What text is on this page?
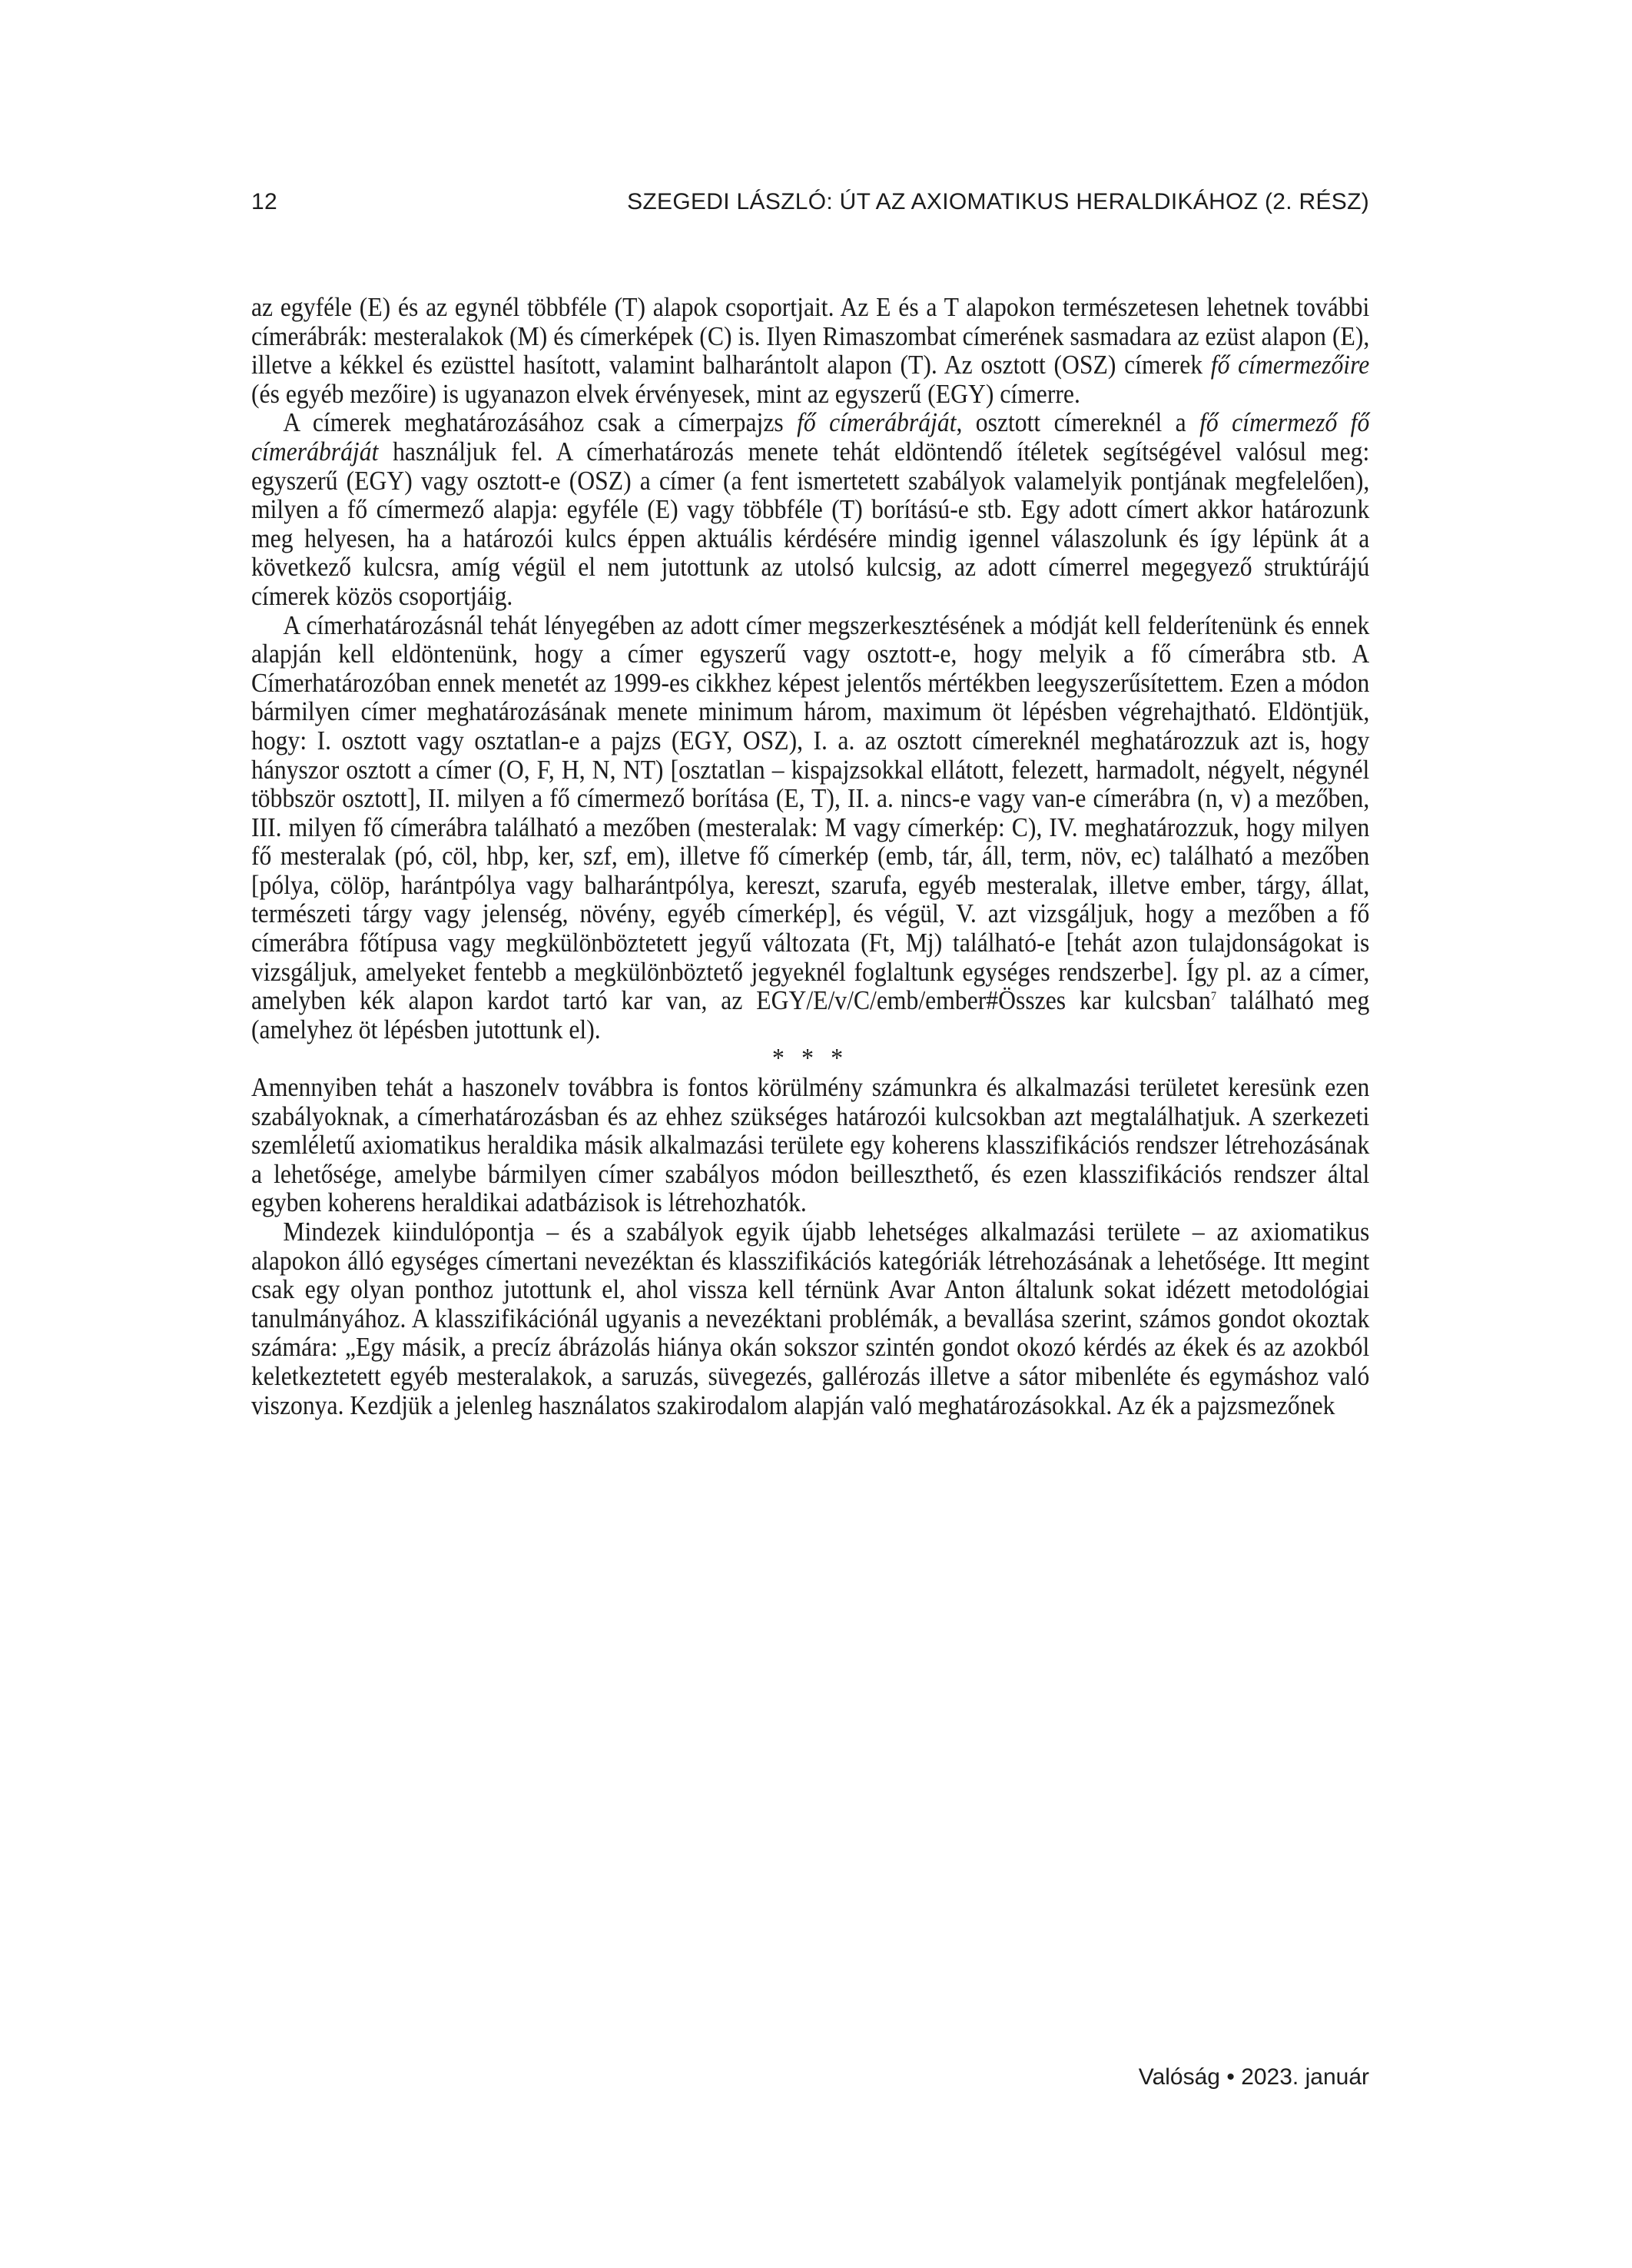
12	SZEGEDI LÁSZLÓ: ÚT AZ AXIOMATIKUS HERALDIKÁHOZ (2. RÉSZ)

az egyféle (E) és az egynél többféle (T) alapok csoportjait. Az E és a T alapokon természetesen lehetnek további címerábrák: mesteralakok (M) és címerképek (C) is. Ilyen Rimaszombat címerének sasmadara az ezüst alapon (E), illetve a kékkel és ezüsttel hasított, valamint balharántolt alapon (T). Az osztott (OSZ) címerek fő címermezőire (és egyéb mezőire) is ugyanazon elvek érvényesek, mint az egyszerű (EGY) címerre.

A címerek meghatározásához csak a címerpajzs fő címerábráját, osztott címereknél a fő címermező fő címerábráját használjuk fel. A címerhatározás menete tehát eldöntendő ítéletek segítségével valósul meg: egyszerű (EGY) vagy osztott-e (OSZ) a címer (a fent ismertetett szabályok valamelyik pontjának megfelelően), milyen a fő címermező alapja: egyféle (E) vagy többféle (T) borítású-e stb. Egy adott címert akkor határozunk meg helyesen, ha a határozói kulcs éppen aktuális kérdésére mindig igennel válaszolunk és így lépünk át a következő kulcsra, amíg végül el nem jutottunk az utolsó kulcsig, az adott címerrel megegyező struktúrájú címerek közös csoportjáig.

A címerhatározásnál tehát lényegében az adott címer megszerkesztésének a módját kell felderítenünk és ennek alapján kell eldöntenünk, hogy a címer egyszerű vagy osztott-e, hogy melyik a fő címerábra stb. A Címerhatározóban ennek menetét az 1999-es cikkhez képest jelentős mértékben leegyszerűsítettem. Ezen a módon bármilyen címer meghatározásának menete minimum három, maximum öt lépésben végrehajtható. Eldöntjük, hogy: I. osztott vagy osztatlan-e a pajzs (EGY, OSZ), I. a. az osztott címereknél meghatározzuk azt is, hogy hányszor osztott a címer (O, F, H, N, NT) [osztatlan – kispajzsokkal ellátott, felezett, harmadolt, négyelt, négynél többször osztott], II. milyen a fő címermező borítása (E, T), II. a. nincs-e vagy van-e címerábra (n, v) a mezőben, III. milyen fő címerábra található a mezőben (mesteralak: M vagy címerkép: C), IV. meghatározzuk, hogy milyen fő mesteralak (pó, cöl, hbp, ker, szf, em), illetve fő címerkép (emb, tár, áll, term, növ, ec) található a mezőben [pólya, cölöp, harántpólya vagy balharántpólya, kereszt, szarufa, egyéb mesteralak, illetve ember, tárgy, állat, természeti tárgy vagy jelenség, növény, egyéb címerkép], és végül, V. azt vizsgáljuk, hogy a mezőben a fő címerábra főtípusa vagy megkülönböztetett jegyű változata (Ft, Mj) található-e [tehát azon tulajdonságokat is vizsgáljuk, amelyeket fentebb a megkülönböztető jegyeknél foglaltunk egységes rendszerbe]. Így pl. az a címer, amelyben kék alapon kardot tartó kar van, az EGY/E/v/C/emb/ember#Összes kar kulcsban$^7$ található meg (amelyhez öt lépésben jutottunk el).

* * *

Amennyiben tehát a haszonelv továbbra is fontos körülmény számunkra és alkalmazási területet keresünk ezen szabályoknak, a címerhatározásban és az ehhez szükséges határozói kulcsokban azt megtalálhatjuk. A szerkezeti szemléletű axiomatikus heraldika másik alkalmazási területe egy koherens klasszifikációs rendszer létrehozásának a lehetősége, amelybe bármilyen címer szabályos módon beilleszthető, és ezen klasszifikációs rendszer által egyben koherens heraldikai adatbázisok is létrehozhatók.

Mindezek kiindulópontja – és a szabályok egyik újabb lehetséges alkalmazási területe – az axiomatikus alapokon álló egységes címertani nevezéktan és klasszifikációs kategóriák létrehozásának a lehetősége. Itt megint csak egy olyan ponthoz jutottunk el, ahol vissza kell térnünk Avar Anton általunk sokat idézett metodológiai tanulmányához. A klasszifikációnál ugyanis a nevezéktani problémák, a bevallása szerint, számos gondot okoztak számára: „Egy másik, a precíz ábrázolás hiánya okán sokszor szintén gondot okozó kérdés az ékek és az azokból keletkeztetett egyéb mesteralakok, a saruzás, süvegezés, gallérozás illetve a sátor mibenléte és egymáshoz való viszonya. Kezdjük a jelenleg használatos szakirodalom alapján való meghatározásokkal. Az ék a pajzsmezőnek

Valóság • 2023. január
